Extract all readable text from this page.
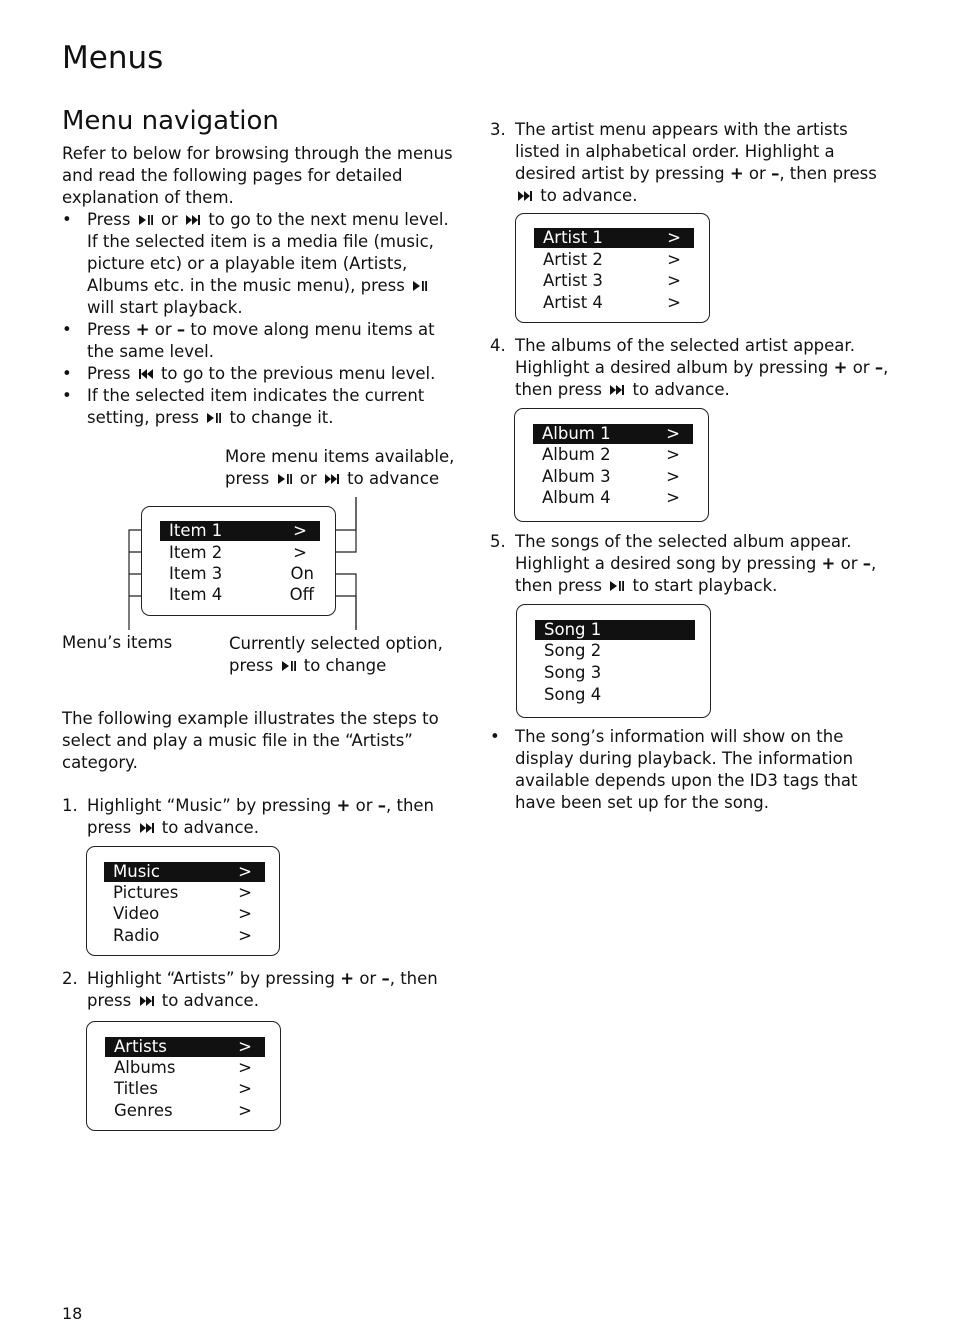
Menus
Menu navigation

Refer to below for browsing through the menus and read the following pages for detailed explanation of them.

• Press or to go to the next menu level. If the selected item is a media file (music, picture etc) or a playable item (Artists, Albums etc. in the music menu), press  will start playback.
• Press + or – to move along menu items at the same level.
• Press to go to the previous menu level.
• If the selected item indicates the current setting, press to change it.
More menu items available,
press or to advance
Item 1	>
Item 2	>
Item 3	On
Item 4	Off
Menu’s items	Currently selected option,
press to change

The following example illustrates the steps to select and play a music file in the “Artists” category.

1. Highlight “Music” by pressing + or –, then press to advance.
Music	>
Pictures	>
Video	>
Radio	>
2. Highlight “Artists” by pressing + or –, then press to advance.
Artists	>
Albums	>
Titles	>
Genres	>
3. The artist menu appears with the artists listed in alphabetical order. Highlight a desired artist by pressing + or –, then press  to advance.
Artist 1	>
Artist 2	>
Artist 3	>
Artist 4	>
4. The albums of the selected artist appear. Highlight a desired album by pressing + or –, then press to advance.
Album 1	>
Album 2	>
Album 3	>
Album 4	>
5. The songs of the selected album appear. Highlight a desired song by pressing + or –, then press to start playback.
Song 1
Song 2
Song 3
Song 4
• The song’s information will show on the display during playback. The information available depends upon the ID3 tags that have been set up for the song.
18
